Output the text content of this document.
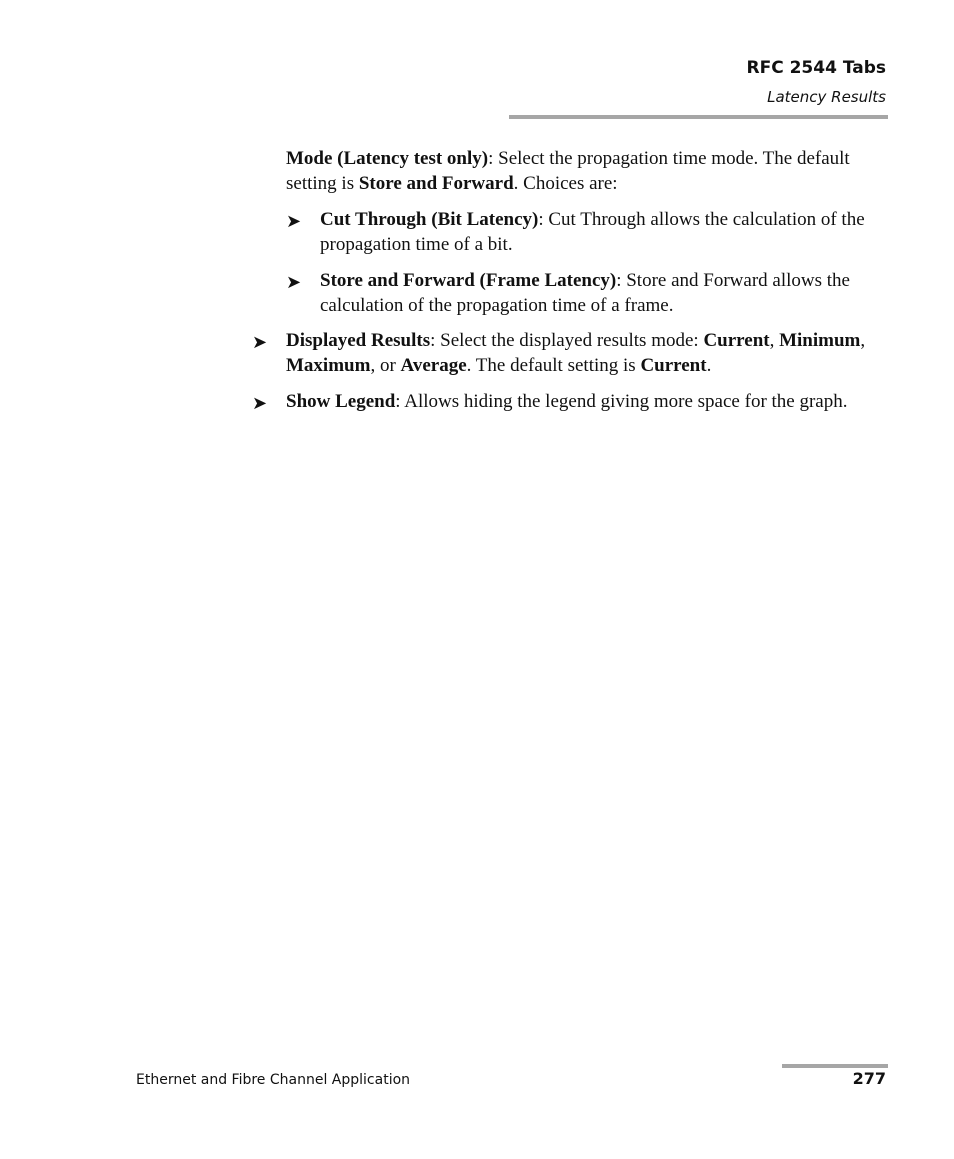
RFC 2544 Tabs
Latency Results
Mode (Latency test only): Select the propagation time mode. The default setting is Store and Forward. Choices are:
➤ Cut Through (Bit Latency): Cut Through allows the calculation of the propagation time of a bit.
➤ Store and Forward (Frame Latency): Store and Forward allows the calculation of the propagation time of a frame.
➤ Displayed Results: Select the displayed results mode: Current, Minimum, Maximum, or Average. The default setting is Current.
➤ Show Legend: Allows hiding the legend giving more space for the graph.
Ethernet and Fibre Channel Application	277
